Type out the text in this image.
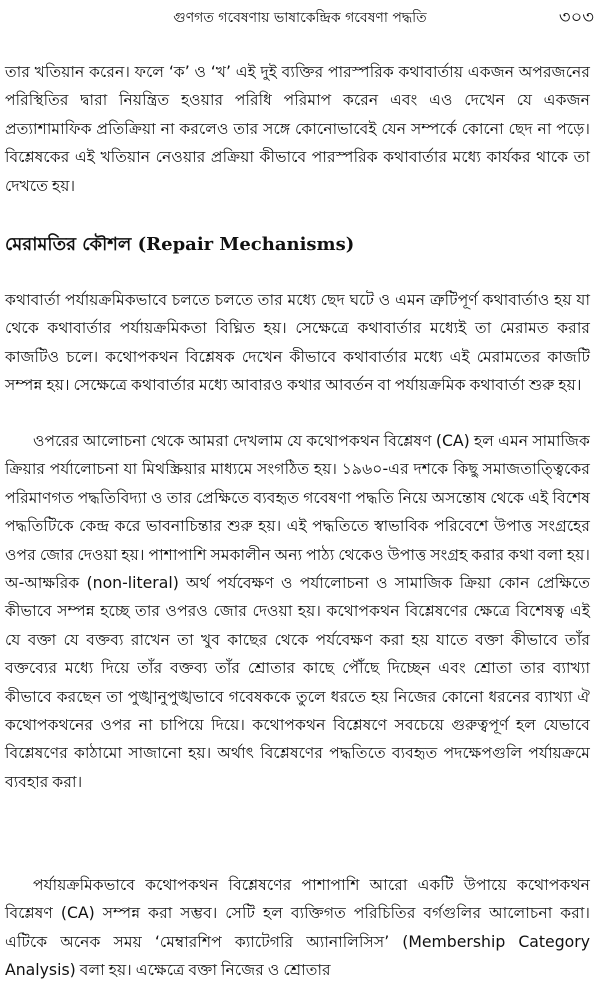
গুণগত গবেষণায় ভাষাকেন্দ্রিক গবেষণা পদ্ধতি	৩০৩

তার খতিয়ান করেন। ফলে ‘ক’ ও ‘খ’ এই দুই ব্যক্তির পারস্পরিক কথাবার্তায় একজন অপরজনের পরিস্থিতির দ্বারা নিয়ন্ত্রিত হওয়ার পরিধি পরিমাপ করেন এবং এও দেখেন যে একজন প্রত্যাশামাফিক প্রতিক্রিয়া না করলেও তার সঙ্গে কোনোভাবেই যেন সম্পর্কে কোনো ছেদ না পড়ে। বিশ্লেষকের এই খতিয়ান নেওয়ার প্রক্রিয়া কীভাবে পারস্পরিক কথাবার্তার মধ্যে কার্যকর থাকে তা দেখতে হয়।

মেরামতির কৌশল (Repair Mechanisms)

কথাবার্তা পর্যায়ক্রমিকভাবে চলতে চলতে তার মধ্যে ছেদ ঘটে ও এমন ত্রুটিপূর্ণ কথাবার্তাও হয় যা থেকে কথাবার্তার পর্যায়ক্রমিকতা বিঘ্নিত হয়। সেক্ষেত্রে কথাবার্তার মধ্যেই তা মেরামত করার কাজটিও চলে। কথোপকথন বিশ্লেষক দেখেন কীভাবে কথাবার্তার মধ্যে এই মেরামতের কাজটি সম্পন্ন হয়। সেক্ষেত্রে কথাবার্তার মধ্যে আবারও কথার আবর্তন বা পর্যায়ক্রমিক কথাবার্তা শুরু হয়।

ওপরের আলোচনা থেকে আমরা দেখলাম যে কথোপকথন বিশ্লেষণ (CA) হল এমন সামাজিক ক্রিয়ার পর্যালোচনা যা মিথস্ক্রিয়ার মাধ্যমে সংগঠিত হয়। ১৯৬০-এর দশকে কিছু সমাজতাত্ত্বিকের পরিমাণগত পদ্ধতিবিদ্যা ও তার প্রেক্ষিতে ব্যবহৃত গবেষণা পদ্ধতি নিয়ে অসন্তোষ থেকে এই বিশেষ পদ্ধতিটিকে কেন্দ্র করে ভাবনাচিন্তার শুরু হয়। এই পদ্ধতিতে স্বাভাবিক পরিবেশে উপাত্ত সংগ্রহের ওপর জোর দেওয়া হয়। পাশাপাশি সমকালীন অন্য পাঠ্য থেকেও উপাত্ত সংগ্রহ করার কথা বলা হয়। অ-আক্ষরিক (non-literal) অর্থ পর্যবেক্ষণ ও পর্যালোচনা ও সামাজিক ক্রিয়া কোন প্রেক্ষিতে কীভাবে সম্পন্ন হচ্ছে তার ওপরও জোর দেওয়া হয়। কথোপকথন বিশ্লেষণের ক্ষেত্রে বিশেষত্ব এই যে বক্তা যে বক্তব্য রাখেন তা খুব কাছের থেকে পর্যবেক্ষণ করা হয় যাতে বক্তা কীভাবে তাঁর বক্তব্যের মধ্যে দিয়ে তাঁর বক্তব্য তাঁর শ্রোতার কাছে পৌঁছে দিচ্ছেন এবং শ্রোতা তার ব্যাখ্যা কীভাবে করছেন তা পুঙ্খানুপুঙ্খভাবে গবেষককে তুলে ধরতে হয় নিজের কোনো ধরনের ব্যাখ্যা ঐ কথোপকথনের ওপর না চাপিয়ে দিয়ে। কথোপকথন বিশ্লেষণে সবচেয়ে গুরুত্বপূর্ণ হল যেভাবে বিশ্লেষণের কাঠামো সাজানো হয়। অর্থাৎ বিশ্লেষণের পদ্ধতিতে ব্যবহৃত পদক্ষেপগুলি পর্যায়ক্রমে ব্যবহার করা।

পর্যায়ক্রমিকভাবে কথোপকথন বিশ্লেষণের পাশাপাশি আরো একটি উপায়ে কথোপকথন বিশ্লেষণ (CA) সম্পন্ন করা সম্ভব। সেটি হল ব্যক্তিগত পরিচিতির বর্গগুলির আলোচনা করা। এটিকে অনেক সময় ‘মেম্বারশিপ ক্যাটেগরি অ্যানালিসিস’ (Membership Category Analysis) বলা হয়। এক্ষেত্রে বক্তা নিজের ও শ্রোতার
